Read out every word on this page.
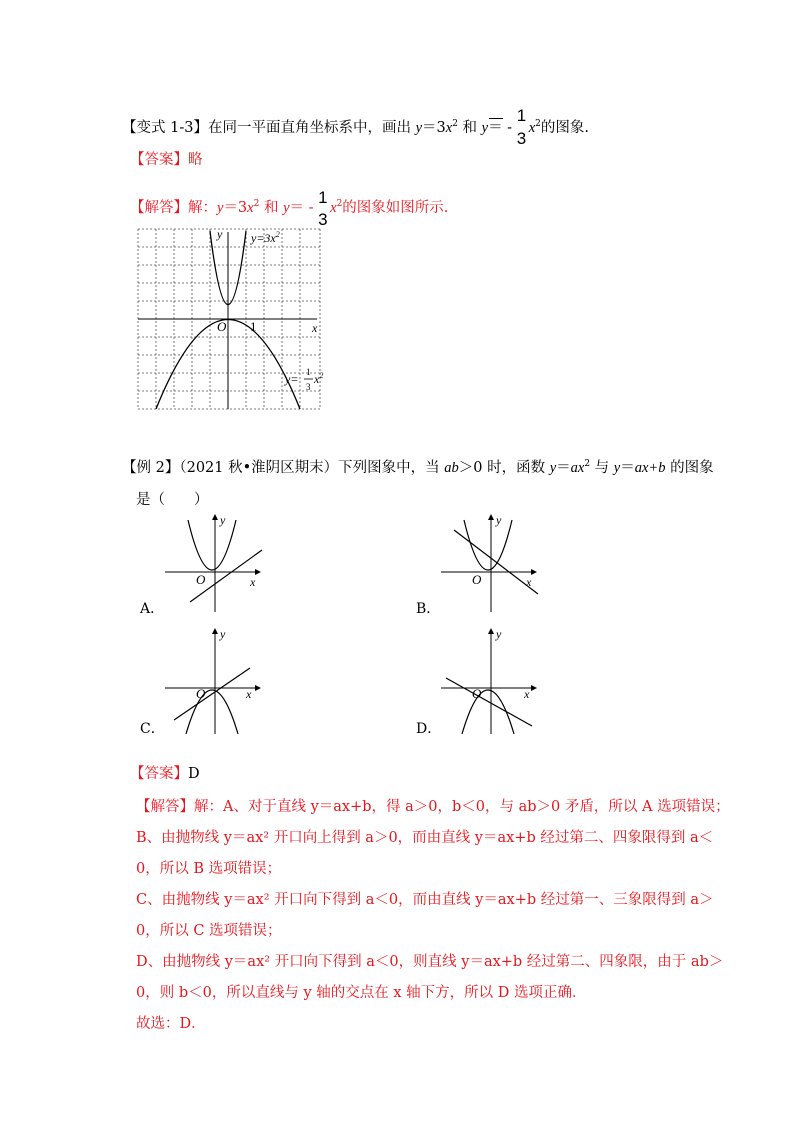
【变式 1-3】在同一平面直角坐标系中，画出 $y=3x^2$ 和 y＝ -
1
3
$x^2$的图象.
【答案】略
【解答】解：$y=3x^2$ 和 y＝ -
1
3
$x^2$的图象如图所示.
y
x
O 1
$y=3x^2$
y= 1
3
$x^2$
【例 2】（2021 秋•淮阴区期末）下列图象中，当 ab＞0 时，函数 $y=ax^2$ 与 y＝ax+b 的图象
是（　　）
y
x
O
A．
y
x
O
B．
y
x
O
C．
y
x
O
D．
【答案】D
【解答】解：A、对于直线 y＝ax+b，得 a＞0，b＜0，与 ab＞0 矛盾，所以 A 选项错误；
B、由抛物线 y＝ax² 开口向上得到 a＞0，而由直线 y＝ax+b 经过第二、四象限得到 a＜
0，所以 B 选项错误；
C、由抛物线 y＝ax² 开口向下得到 a＜0，而由直线 y＝ax+b 经过第一、三象限得到 a＞
0，所以 C 选项错误；
D、由抛物线 y＝ax² 开口向下得到 a＜0，则直线 y＝ax+b 经过第二、四象限，由于 ab＞
0，则 b＜0，所以直线与 y 轴的交点在 x 轴下方，所以 D 选项正确．
故选：D．
